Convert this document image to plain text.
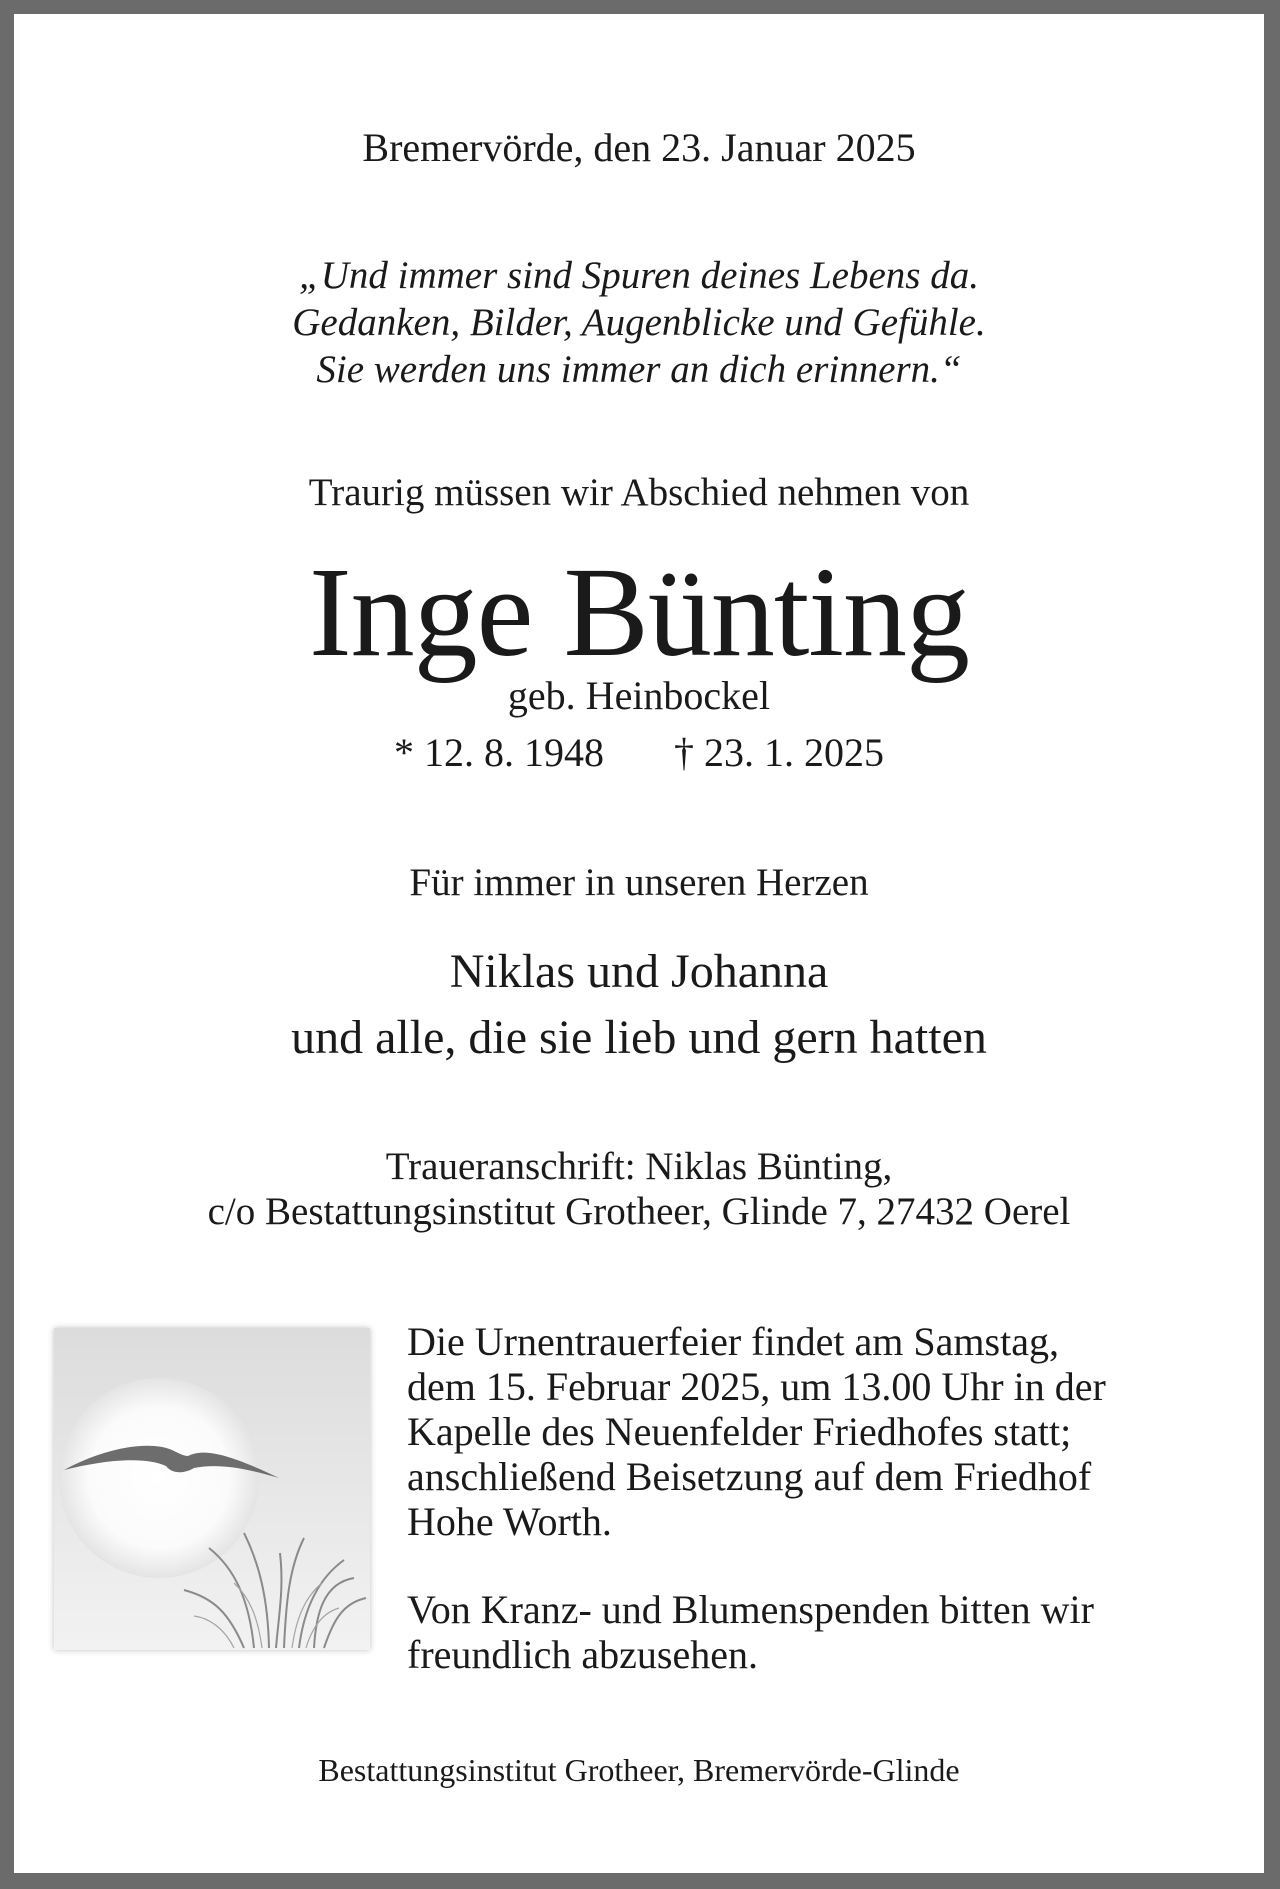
Bremervörde, den 23. Januar 2025
„Und immer sind Spuren deines Lebens da.
Gedanken, Bilder, Augenblicke und Gefühle.
Sie werden uns immer an dich erinnern.“
Traurig müssen wir Abschied nehmen von
Inge Bünting
geb. Heinbockel
* 12. 8. 1948 † 23. 1. 2025
Für immer in unseren Herzen
Niklas und Johanna
und alle, die sie lieb und gern hatten
Traueranschrift: Niklas Bünting,
c/o Bestattungsinstitut Grotheer, Glinde 7, 27432 Oerel

Die Urnentrauerfeier findet am Samstag,
dem 15. Februar 2025, um 13.00 Uhr in der
Kapelle des Neuenfelder Friedhofes statt;
anschließend Beisetzung auf dem Friedhof
Hohe Worth.

Von Kranz- und Blumenspenden bitten wir
freundlich abzusehen.

Bestattungsinstitut Grotheer, Bremervörde-Glinde
